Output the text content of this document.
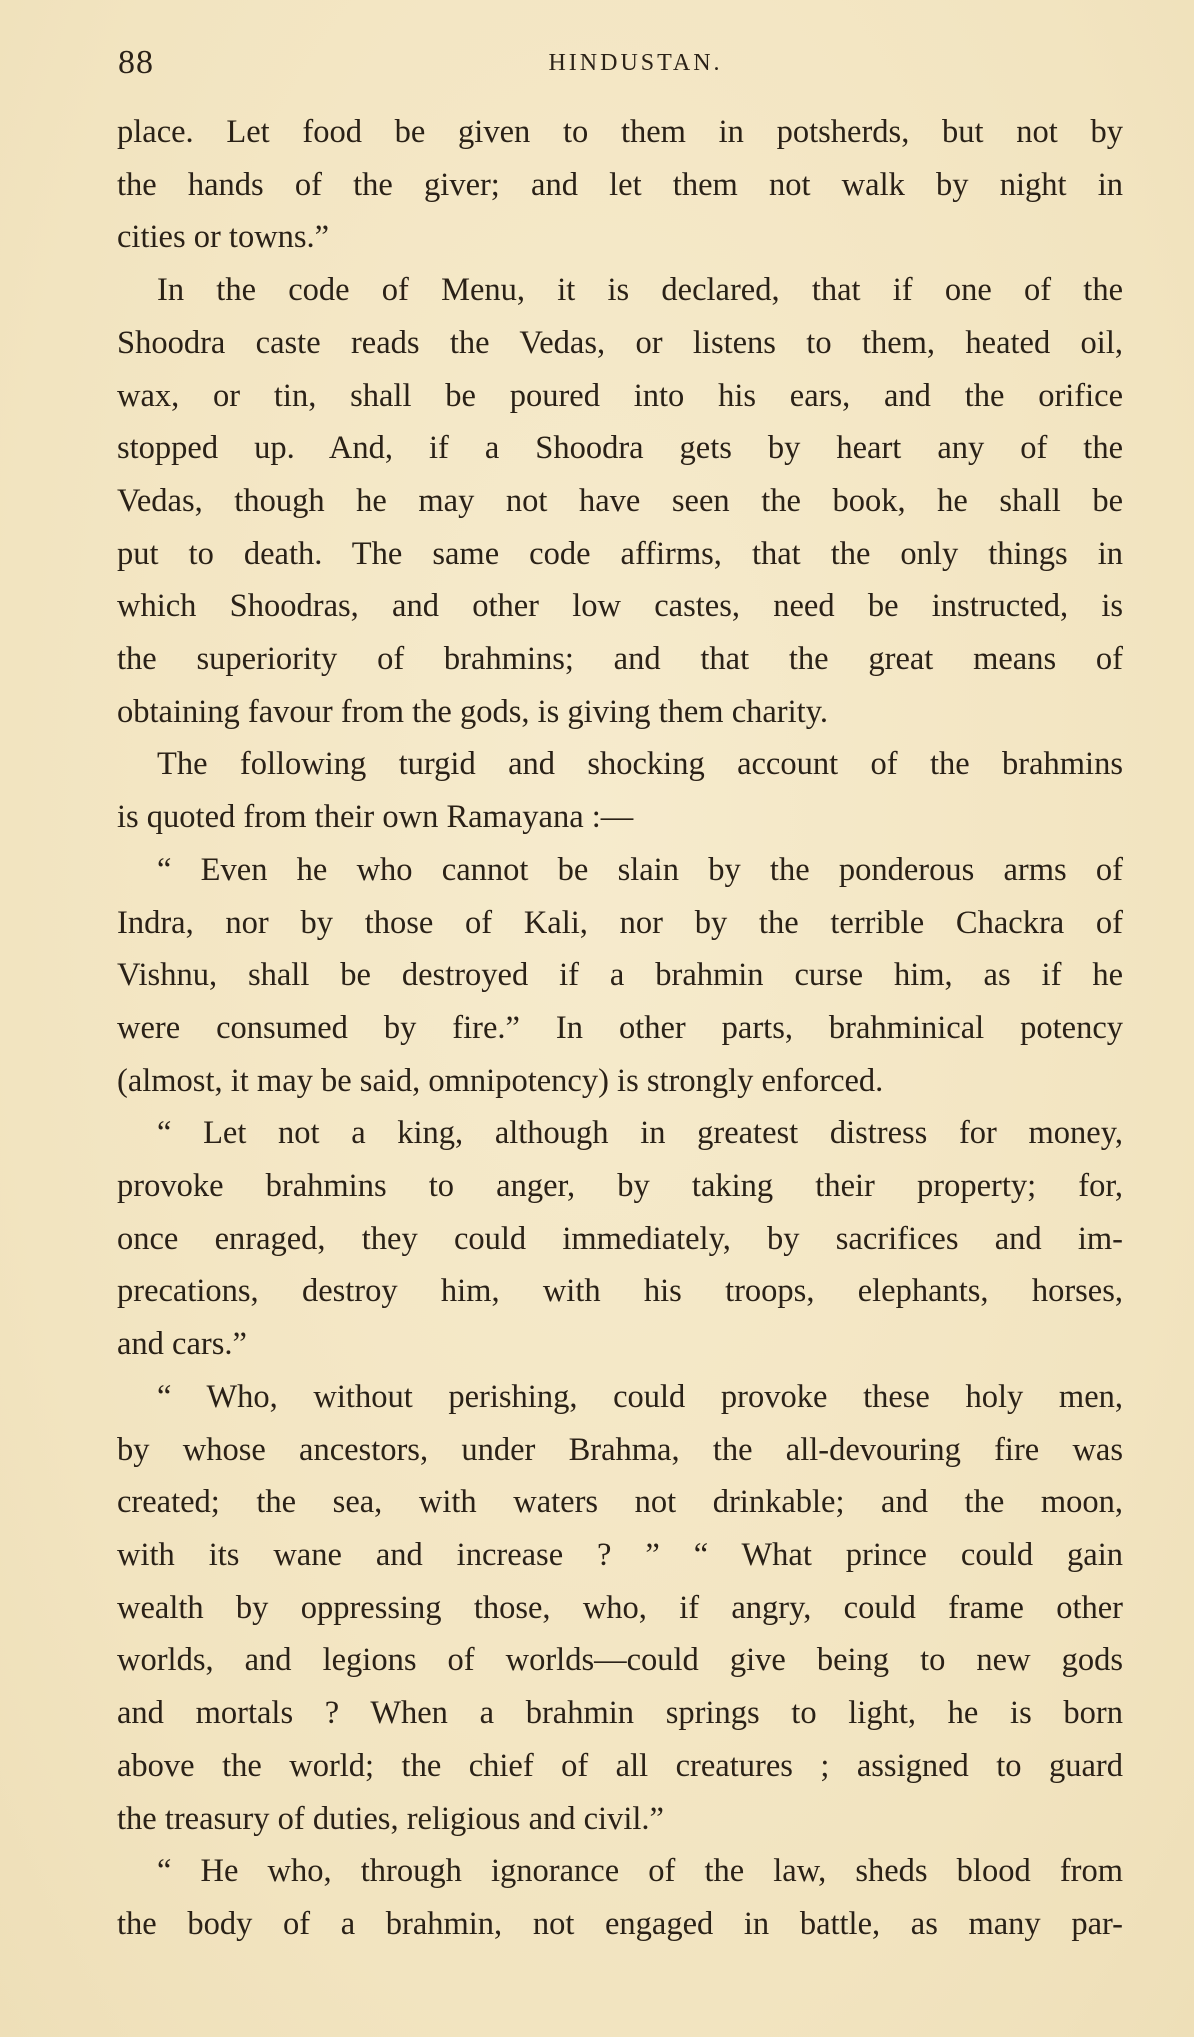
88	HINDUSTAN.
place. Let food be given to them in potsherds, but not by
the hands of the giver; and let them not walk by night in
cities or towns.”
In the code of Menu, it is declared, that if one of the
Shoodra caste reads the Vedas, or listens to them, heated oil,
wax, or tin, shall be poured into his ears, and the orifice
stopped up. And, if a Shoodra gets by heart any of the
Vedas, though he may not have seen the book, he shall be
put to death. The same code affirms, that the only things in
which Shoodras, and other low castes, need be instructed, is
the superiority of brahmins; and that the great means of
obtaining favour from the gods, is giving them charity.
The following turgid and shocking account of the brahmins
is quoted from their own Ramayana :—
“ Even he who cannot be slain by the ponderous arms of
Indra, nor by those of Kali, nor by the terrible Chackra of
Vishnu, shall be destroyed if a brahmin curse him, as if he
were consumed by fire.” In other parts, brahminical potency
(almost, it may be said, omnipotency) is strongly enforced.
“ Let not a king, although in greatest distress for money,
provoke brahmins to anger, by taking their property; for,
once enraged, they could immediately, by sacrifices and im-
precations, destroy him, with his troops, elephants, horses,
and cars.”
“ Who, without perishing, could provoke these holy men,
by whose ancestors, under Brahma, the all-devouring fire was
created; the sea, with waters not drinkable; and the moon,
with its wane and increase ? ” “ What prince could gain
wealth by oppressing those, who, if angry, could frame other
worlds, and legions of worlds—could give being to new gods
and mortals ? When a brahmin springs to light, he is born
above the world; the chief of all creatures ; assigned to guard
the treasury of duties, religious and civil.”
“ He who, through ignorance of the law, sheds blood from
the body of a brahmin, not engaged in battle, as many par-
